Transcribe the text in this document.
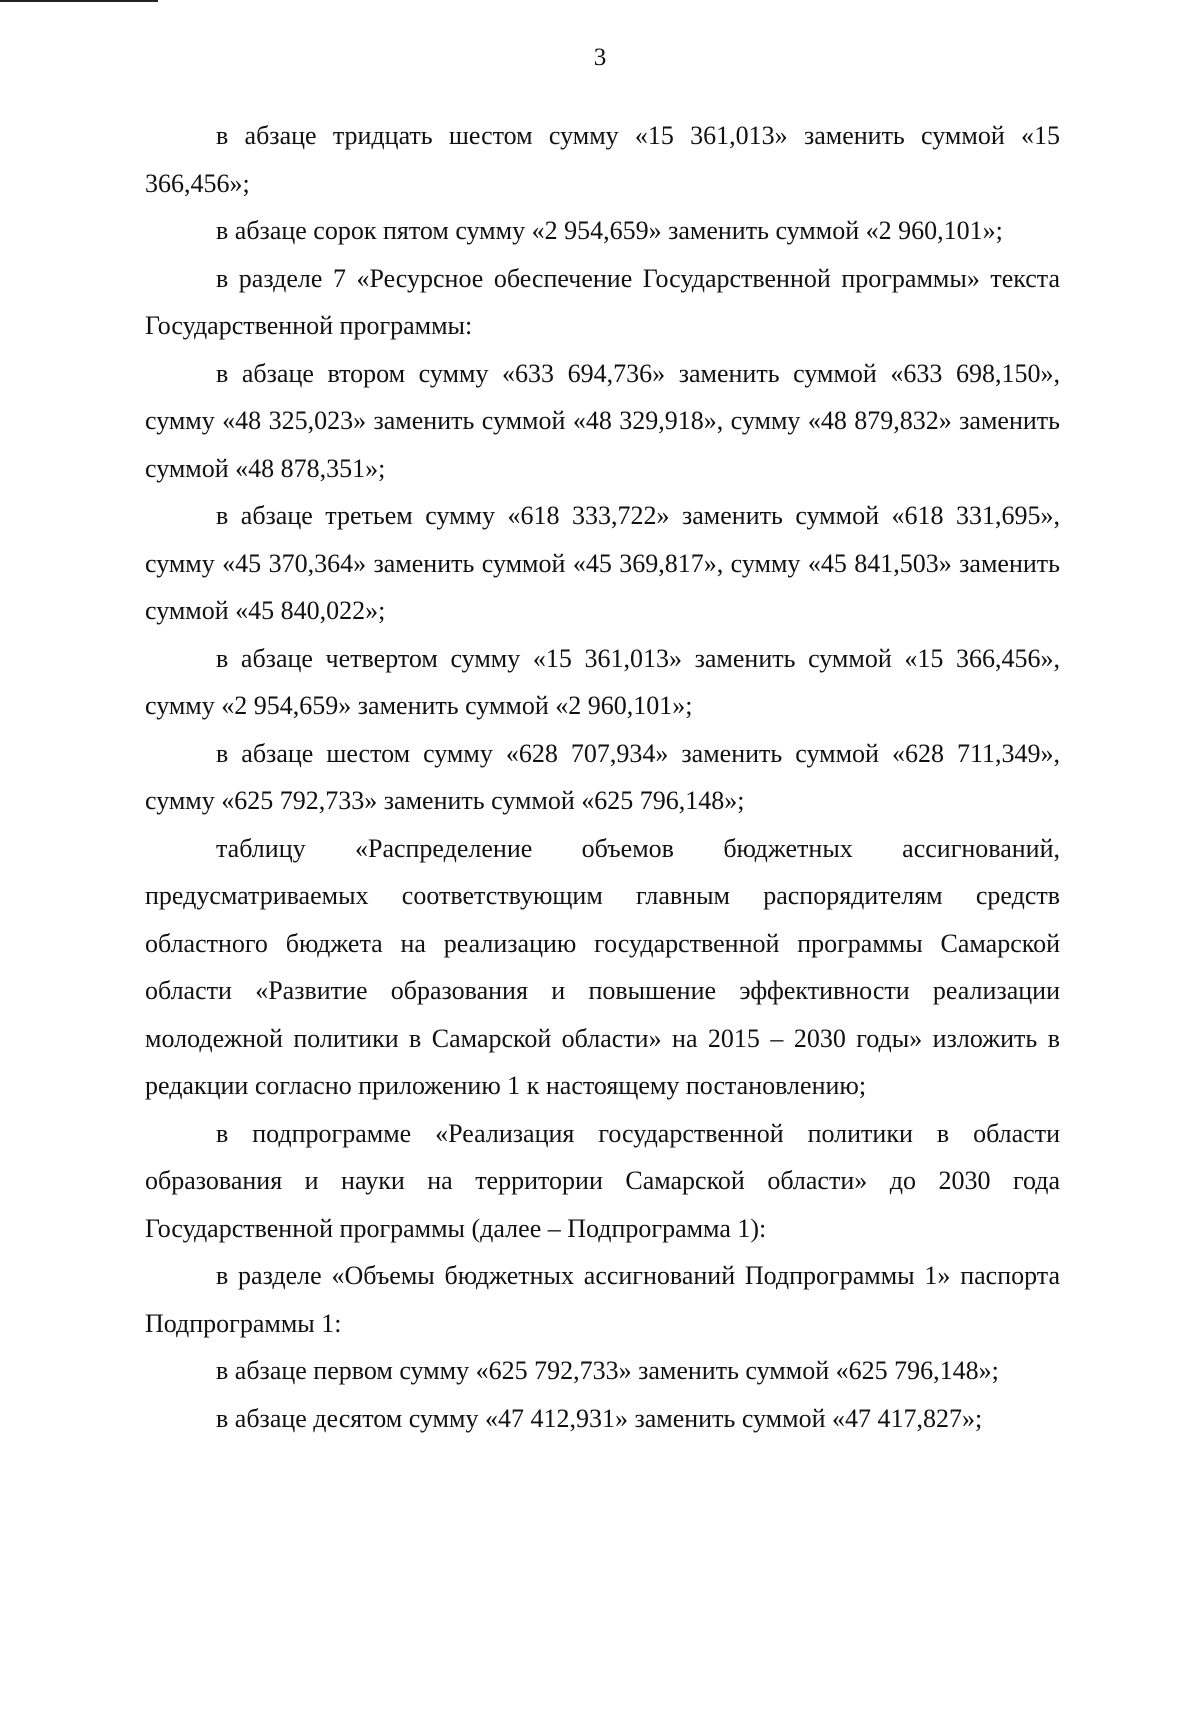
3

в абзаце тридцать шестом сумму «15 361,013» заменить суммой «15 366,456»;

в абзаце сорок пятом сумму «2 954,659» заменить суммой «2 960,101»;

в разделе 7 «Ресурсное обеспечение Государственной программы» текста Государственной программы:

в абзаце втором сумму «633 694,736» заменить суммой «633 698,150», сумму «48 325,023» заменить суммой «48 329,918», сумму «48 879,832» заменить суммой «48 878,351»;

в абзаце третьем сумму «618 333,722» заменить суммой «618 331,695», сумму «45 370,364» заменить суммой «45 369,817», сумму «45 841,503» заменить суммой «45 840,022»;

в абзаце четвертом сумму «15 361,013» заменить суммой «15 366,456», сумму «2 954,659» заменить суммой «2 960,101»;

в абзаце шестом сумму «628 707,934» заменить суммой «628 711,349», сумму «625 792,733» заменить суммой «625 796,148»;

таблицу «Распределение объемов бюджетных ассигнований, предусматриваемых соответствующим главным распорядителям средств областного бюджета на реализацию государственной программы Самарской области «Развитие образования и повышение эффективности реализации молодежной политики в Самарской области» на 2015 – 2030 годы» изложить в редакции согласно приложению 1 к настоящему постановлению;

в подпрограмме «Реализация государственной политики в области образования и науки на территории Самарской области» до 2030 года Государственной программы (далее – Подпрограмма 1):

в разделе «Объемы бюджетных ассигнований Подпрограммы 1» паспорта Подпрограммы 1:

в абзаце первом сумму «625 792,733» заменить суммой «625 796,148»;

в абзаце десятом сумму «47 412,931» заменить суммой «47 417,827»;
